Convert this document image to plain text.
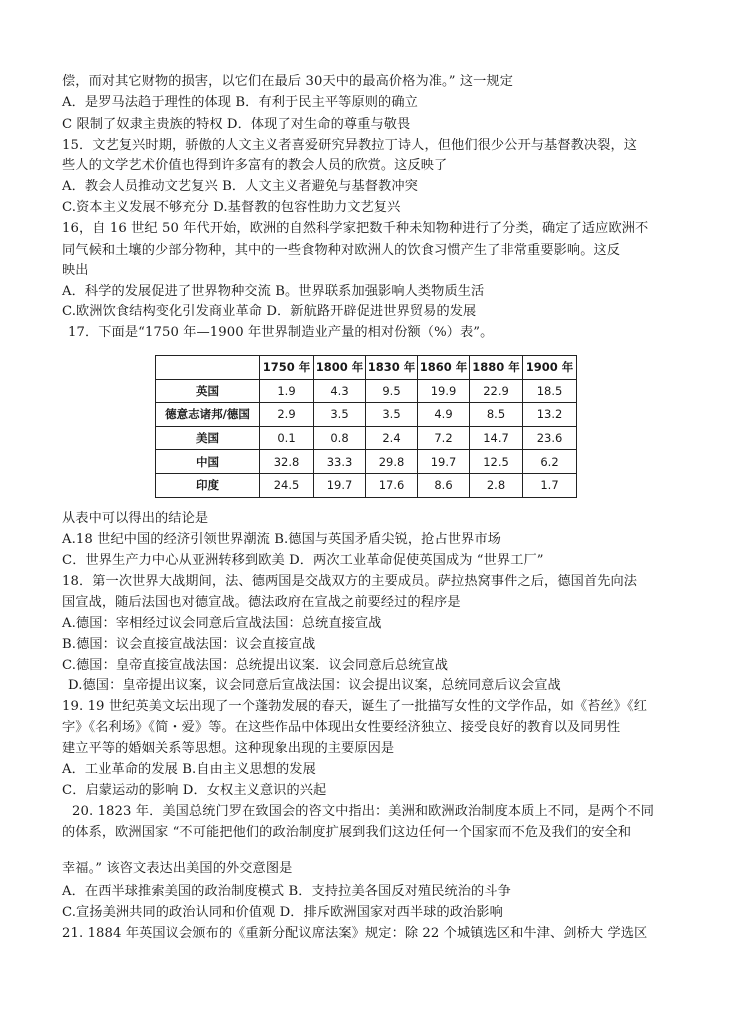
偿，而对其它财物的损害，以它们在最后 30天中的最高价格为准。” 这一规定
A．是罗马法趋于理性的体现 B．有利于民主平等原则的确立
C 限制了奴隶主贵族的特权 D．体现了对生命的尊重与敬畏
15．文艺复兴时期，骄傲的人文主义者喜爱研究异教拉丁诗人，但他们很少公开与基督教决裂，这
些人的文学艺术价值也得到许多富有的教会人员的欣赏。这反映了
A．教会人员推动文艺复兴 B．人文主义者避免与基督教冲突
C.资本主义发展不够充分 D.基督教的包容性助力文艺复兴
16，自 16 世纪 50 年代开始，欧洲的自然科学家把数千种未知物种进行了分类，确定了适应欧洲不
同气候和土壤的少部分物种，其中的一些食物种对欧洲人的饮食习惯产生了非常重要影响。这反
映出
A．科学的发展促进了世界物种交流 B。世界联系加强影响人类物质生活
C.欧洲饮食结构变化引发商业革命 D．新航路开辟促进世界贸易的发展
17．下面是“1750 年—1900 年世界制造业产量的相对份额（%）表”。
	1750 年	1800 年	1830 年	1860 年	1880 年	1900 年
英国	1.9	4.3	9.5	19.9	22.9	18.5
德意志诸邦/德国	2.9	3.5	3.5	4.9	8.5	13.2
美国	0.1	0.8	2.4	7.2	14.7	23.6
中国	32.8	33.3	29.8	19.7	12.5	6.2
印度	24.5	19.7	17.6	8.6	2.8	1.7
从表中可以得出的结论是
A.18 世纪中国的经济引领世界潮流 B.德国与英国矛盾尖锐，抢占世界市场
C．世界生产力中心从亚洲转移到欧美 D．两次工业革命促使英国成为 “世界工厂”
18．第一次世界大战期间，法、德两国是交战双方的主要成员。萨拉热窝事件之后，德国首先向法
国宣战，随后法国也对德宣战。德法政府在宣战之前要经过的程序是
A.德国：宰相经过议会同意后宣战法国：总统直接宣战
B.德国：议会直接宣战法国：议会直接宣战
C.德国：皇帝直接宣战法国：总统提出议案．议会同意后总统宣战
D.德国：皇帝提出议案，议会同意后宣战法国：议会提出议案，总统同意后议会宣战
19. 19 世纪英美文坛出现了一个蓬勃发展的春天，诞生了一批描写女性的文学作品，如《苔丝》《红
字》《名利场》《简・爱》等。在这些作品中体现出女性要经济独立、接受良好的教育以及同男性
建立平等的婚姻关系等思想。这种现象出现的主要原因是
A．工业革命的发展 B.自由主义思想的发展
C．启蒙运动的影响 D．女权主义意识的兴起
20. 1823 年．美国总统门罗在致国会的咨文中指出：美洲和欧洲政治制度本质上不同，是两个不同
的体系，欧洲国家 “不可能把他们的政治制度扩展到我们这边任何一个国家而不危及我们的安全和
幸福。” 该咨文表达出美国的外交意图是
A．在西半球推索美国的政治制度模式 B．支持拉美各国反对殖民统治的斗争
C.宣扬美洲共同的政治认同和价值观 D．排斥欧洲国家对西半球的政治影响
21. 1884 年英国议会颁布的《重新分配议席法案》规定：除 22 个城镇选区和牛津、剑桥大 学选区
